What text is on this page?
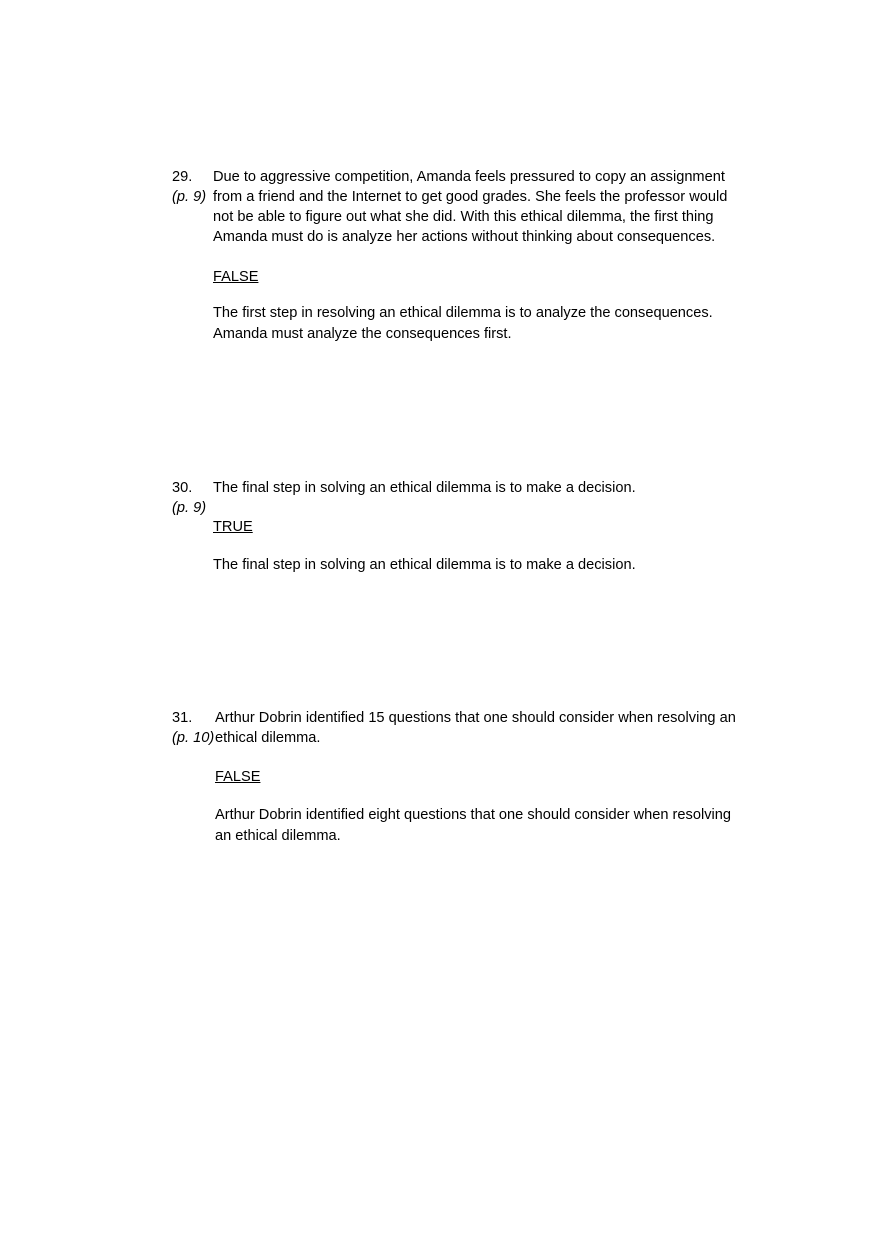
29.
(p. 9)
Due to aggressive competition, Amanda feels pressured to copy an assignment
from a friend and the Internet to get good grades. She feels the professor would
not be able to figure out what she did. With this ethical dilemma, the first thing
Amanda must do is analyze her actions without thinking about consequences.
FALSE
The first step in resolving an ethical dilemma is to analyze the consequences.
Amanda must analyze the consequences first.
30.
(p. 9)
The final step in solving an ethical dilemma is to make a decision.
TRUE
The final step in solving an ethical dilemma is to make a decision.
31.
(p. 10)
Arthur Dobrin identified 15 questions that one should consider when resolving an
ethical dilemma.
FALSE
Arthur Dobrin identified eight questions that one should consider when resolving
an ethical dilemma.
